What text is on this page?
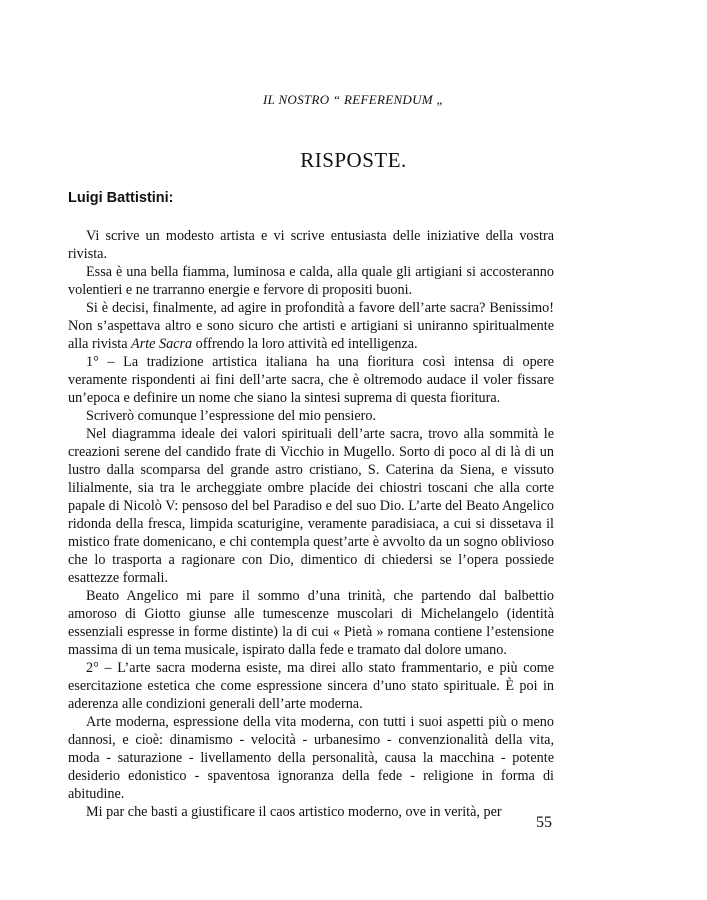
IL NOSTRO “ REFERENDUM „
RISPOSTE.
Luigi Battistini:

Vi scrive un modesto artista e vi scrive entusiasta delle iniziative della vostra rivista.

Essa è una bella fiamma, luminosa e calda, alla quale gli artigiani si accosteranno volentieri e ne trarranno energie e fervore di propositi buoni.

Si è decisi, finalmente, ad agire in profondità a favore dell’arte sacra? Benissimo! Non s’aspettava altro e sono sicuro che artisti e artigiani si uniranno spiritualmente alla rivista Arte Sacra offrendo la loro attività ed intelligenza.

1° – La tradizione artistica italiana ha una fioritura così intensa di opere veramente rispondenti ai fini dell’arte sacra, che è oltremodo audace il voler fissare un’epoca e definire un nome che siano la sintesi suprema di questa fioritura.

Scriverò comunque l’espressione del mio pensiero.

Nel diagramma ideale dei valori spirituali dell’arte sacra, trovo alla sommità le creazioni serene del candido frate di Vicchio in Mugello. Sorto di poco al di là di un lustro dalla scomparsa del grande astro cristiano, S. Caterina da Siena, e vissuto lilialmente, sia tra le archeggiate ombre placide dei chiostri toscani che alla corte papale di Nicolò V: pensoso del bel Paradiso e del suo Dio. L’arte del Beato Angelico ridonda della fresca, limpida scaturigine, veramente paradisiaca, a cui si dissetava il mistico frate domenicano, e chi contempla quest’arte è avvolto da un sogno oblivioso che lo trasporta a ragionare con Dio, dimentico di chiedersi se l’opera possiede esattezze formali.

Beato Angelico mi pare il sommo d’una trinità, che partendo dal balbettio amoroso di Giotto giunse alle tumescenze muscolari di Michelangelo (identità essenziali espresse in forme distinte) la di cui « Pietà » romana contiene l’estensione massima di un tema musicale, ispirato dalla fede e tramato dal dolore umano.

2° – L’arte sacra moderna esiste, ma direi allo stato frammentario, e più come esercitazione estetica che come espressione sincera d’uno stato spirituale. È poi in aderenza alle condizioni generali dell’arte moderna.

Arte moderna, espressione della vita moderna, con tutti i suoi aspetti più o meno dannosi, e cioè: dinamismo - velocità - urbanesimo - convenzionalità della vita, moda - saturazione - livellamento della personalità, causa la macchina - potente desiderio edonistico - spaventosa ignoranza della fede - religione in forma di abitudine.

Mi par che basti a giustificare il caos artistico moderno, ove in verità, per

55
